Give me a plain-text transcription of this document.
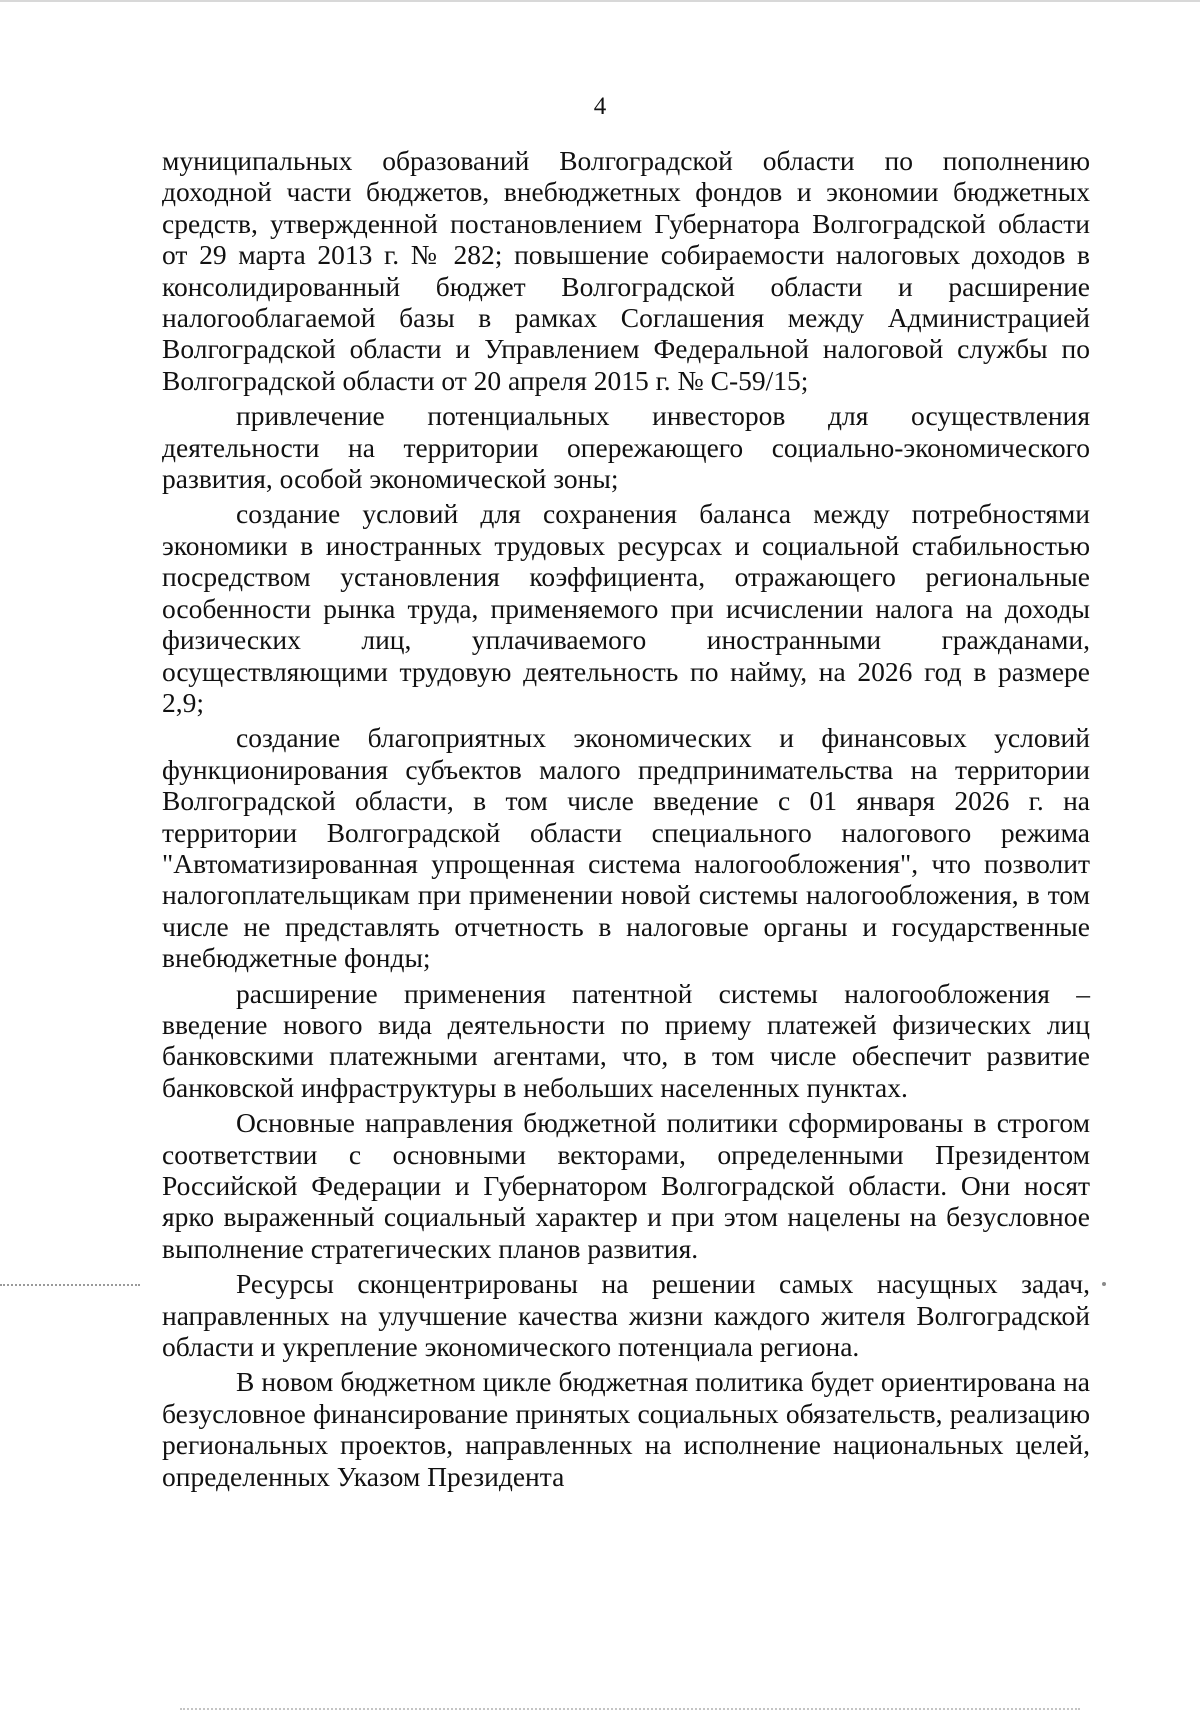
4

муниципальных образований Волгоградской области по пополнению доходной части бюджетов, внебюджетных фондов и экономии бюджетных средств, утвержденной постановлением Губернатора Волгоградской области от 29 марта 2013 г. № 282; повышение собираемости налоговых доходов в консолидированный бюджет Волгоградской области и расширение налогооблагаемой базы в рамках Соглашения между Администрацией Волгоградской области и Управлением Федеральной налоговой службы по Волгоградской области от 20 апреля 2015 г. № С-59/15;

привлечение потенциальных инвесторов для осуществления деятельности на территории опережающего социально-экономического развития, особой экономической зоны;

создание условий для сохранения баланса между потребностями экономики в иностранных трудовых ресурсах и социальной стабильностью посредством установления коэффициента, отражающего региональные особенности рынка труда, применяемого при исчислении налога на доходы физических лиц, уплачиваемого иностранными гражданами, осуществляющими трудовую деятельность по найму, на 2026 год в размере 2,9;

создание благоприятных экономических и финансовых условий функционирования субъектов малого предпринимательства на территории Волгоградской области, в том числе введение с 01 января 2026 г. на территории Волгоградской области специального налогового режима "Автоматизированная упрощенная система налогообложения", что позволит налогоплательщикам при применении новой системы налогообложения, в том числе не представлять отчетность в налоговые органы и государственные внебюджетные фонды;

расширение применения патентной системы налогообложения – введение нового вида деятельности по приему платежей физических лиц банковскими платежными агентами, что, в том числе обеспечит развитие банковской инфраструктуры в небольших населенных пунктах.

Основные направления бюджетной политики сформированы в строгом соответствии с основными векторами, определенными Президентом Российской Федерации и Губернатором Волгоградской области. Они носят ярко выраженный социальный характер и при этом нацелены на безусловное выполнение стратегических планов развития.

Ресурсы сконцентрированы на решении самых насущных задач, направленных на улучшение качества жизни каждого жителя Волгоградской области и укрепление экономического потенциала региона.

В новом бюджетном цикле бюджетная политика будет ориентирована на безусловное финансирование принятых социальных обязательств, реализацию региональных проектов, направленных на исполнение национальных целей, определенных Указом Президента
